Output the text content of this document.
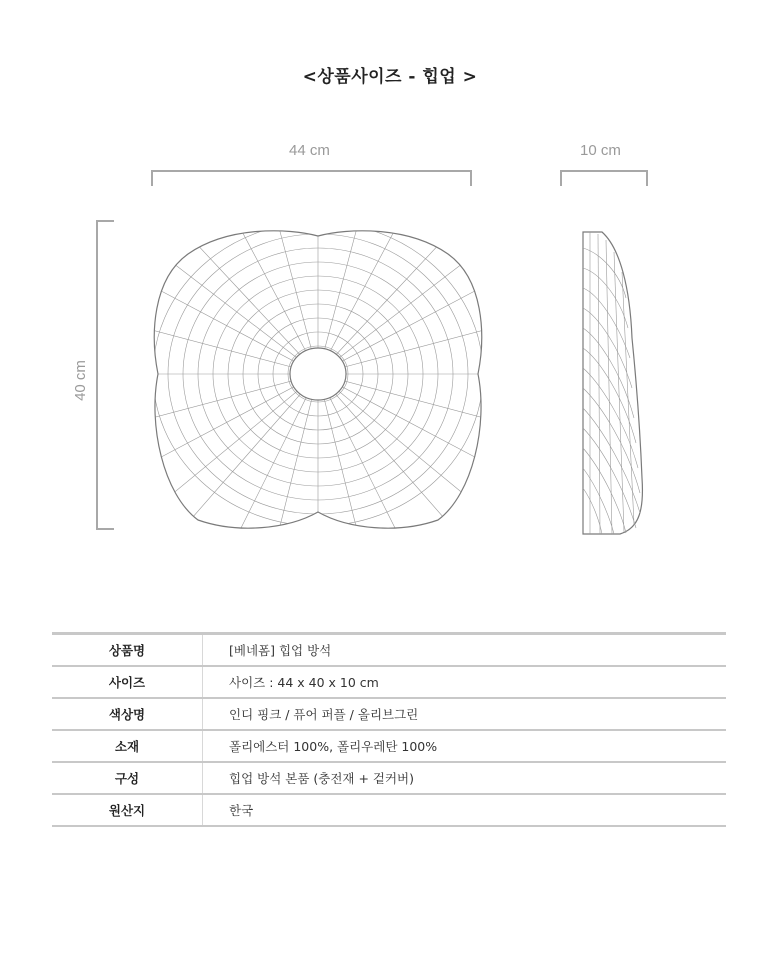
<상품사이즈 - 힙업 >
44 cm	10 cm
40 cm
상품명	[베네폼] 힙업 방석
사이즈	사이즈 : 44 x 40 x 10 cm
색상명	인디 핑크 / 퓨어 퍼플 / 올리브그린
소재	폴리에스터 100%, 폴리우레탄 100%
구성	힙업 방석 본품 (충전재 + 겉커버)
원산지	한국
